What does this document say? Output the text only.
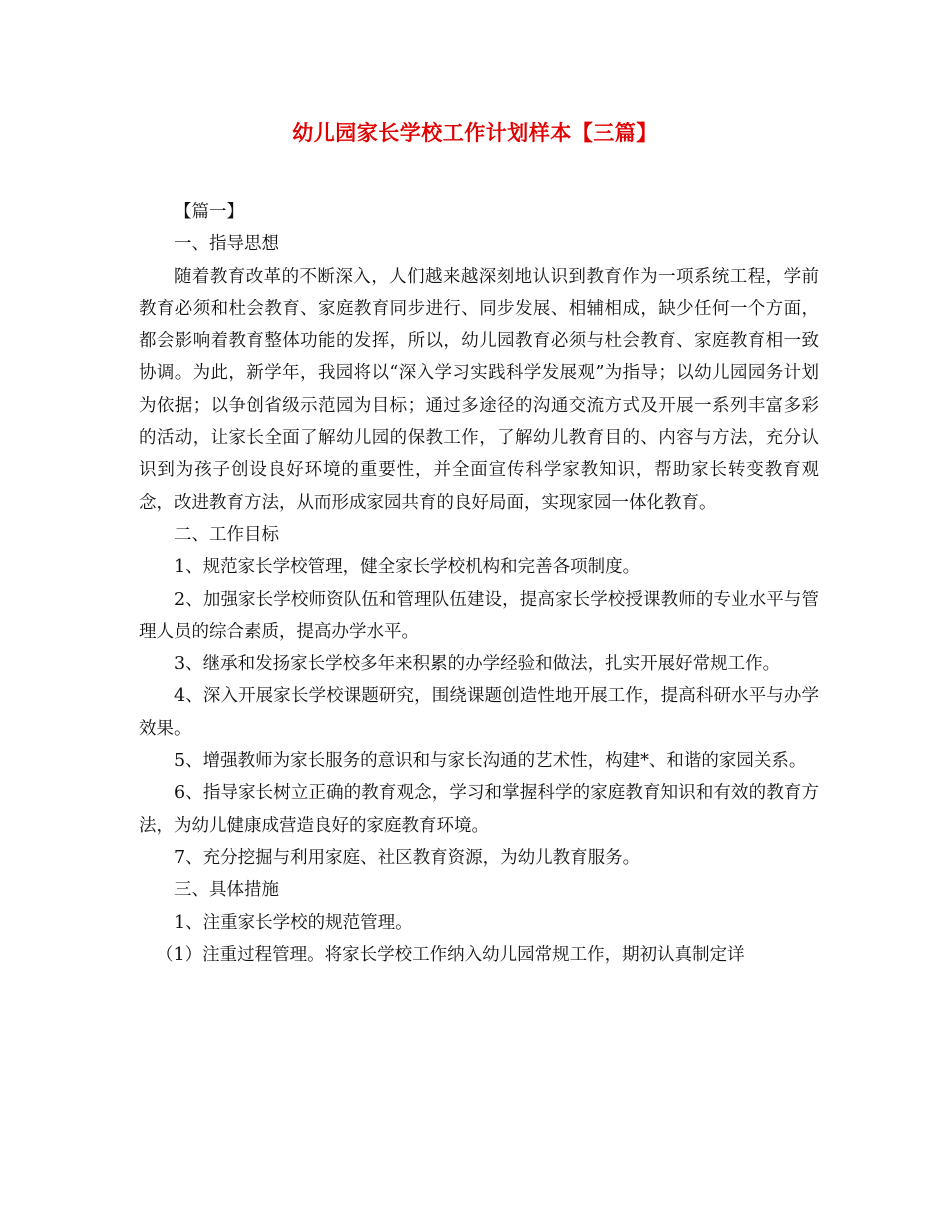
幼儿园家长学校工作计划样本【三篇】

【篇一】

一、指导思想

随着教育改革的不断深入，人们越来越深刻地认识到教育作为一项系统工程，学前教育必须和杜会教育、家庭教育同步进行、同步发展、相辅相成，缺少任何一个方面，都会影响着教育整体功能的发挥，所以，幼儿园教育必须与杜会教育、家庭教育相一致协调。为此，新学年，我园将以“深入学习实践科学发展观”为指导；以幼儿园园务计划为依据；以争创省级示范园为目标；通过多途径的沟通交流方式及开展一系列丰富多彩的活动，让家长全面了解幼儿园的保教工作，了解幼儿教育目的、内容与方法，充分认识到为孩子创设良好环境的重要性，并全面宣传科学家教知识，帮助家长转变教育观念，改进教育方法，从而形成家园共育的良好局面，实现家园一体化教育。

二、工作目标

1、规范家长学校管理，健全家长学校机构和完善各项制度。

2、加强家长学校师资队伍和管理队伍建设，提高家长学校授课教师的专业水平与管理人员的综合素质，提高办学水平。

3、继承和发扬家长学校多年来积累的办学经验和做法，扎实开展好常规工作。

4、深入开展家长学校课题研究，围绕课题创造性地开展工作，提高科研水平与办学效果。

5、增强教师为家长服务的意识和与家长沟通的艺术性，构建*、和谐的家园关系。

6、指导家长树立正确的教育观念，学习和掌握科学的家庭教育知识和有效的教育方法，为幼儿健康成营造良好的家庭教育环境。

7、充分挖掘与利用家庭、社区教育资源，为幼儿教育服务。

三、具体措施

1、注重家长学校的规范管理。

（1）注重过程管理。将家长学校工作纳入幼儿园常规工作，期初认真制定详
